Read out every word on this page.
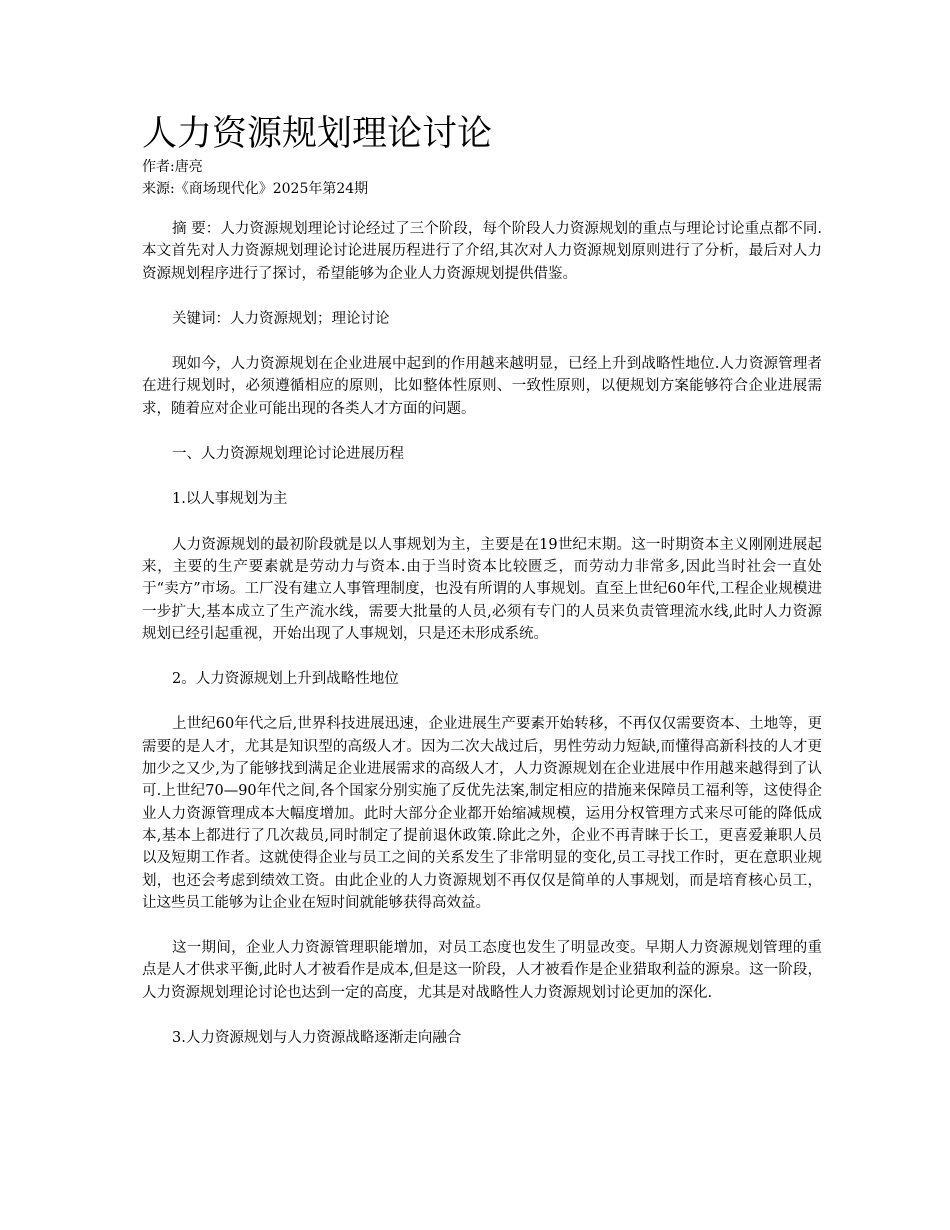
人力资源规划理论讨论

作者:唐亮

来源:《商场现代化》2025年第24期

摘 要：人力资源规划理论讨论经过了三个阶段，每个阶段人力资源规划的重点与理论讨论重点都不同.本文首先对人力资源规划理论讨论进展历程进行了介绍,其次对人力资源规划原则进行了分析，最后对人力资源规划程序进行了探讨，希望能够为企业人力资源规划提供借鉴。

关键词：人力资源规划；理论讨论

现如今，人力资源规划在企业进展中起到的作用越来越明显，已经上升到战略性地位.人力资源管理者在进行规划时，必须遵循相应的原则，比如整体性原则、一致性原则，以便规划方案能够符合企业进展需求，随着应对企业可能出现的各类人才方面的问题。

一、人力资源规划理论讨论进展历程

1.以人事规划为主

人力资源规划的最初阶段就是以人事规划为主，主要是在19世纪末期。这一时期资本主义刚刚进展起来，主要的生产要素就是劳动力与资本.由于当时资本比较匮乏，而劳动力非常多,因此当时社会一直处于“卖方”市场。工厂没有建立人事管理制度，也没有所谓的人事规划。直至上世纪60年代,工程企业规模进一步扩大,基本成立了生产流水线，需要大批量的人员,必须有专门的人员来负责管理流水线,此时人力资源规划已经引起重视，开始出现了人事规划，只是还未形成系统。

2。人力资源规划上升到战略性地位

上世纪60年代之后,世界科技进展迅速，企业进展生产要素开始转移，不再仅仅需要资本、土地等，更需要的是人才，尤其是知识型的高级人才。因为二次大战过后，男性劳动力短缺,而懂得高新科技的人才更加少之又少,为了能够找到满足企业进展需求的高级人才，人力资源规划在企业进展中作用越来越得到了认可.上世纪70—90年代之间,各个国家分别实施了反优先法案,制定相应的措施来保障员工福利等，这使得企业人力资源管理成本大幅度增加。此时大部分企业都开始缩减规模，运用分权管理方式来尽可能的降低成本,基本上都进行了几次裁员,同时制定了提前退休政策.除此之外，企业不再青睐于长工，更喜爱兼职人员以及短期工作者。这就使得企业与员工之间的关系发生了非常明显的变化,员工寻找工作时，更在意职业规划，也还会考虑到绩效工资。由此企业的人力资源规划不再仅仅是简单的人事规划，而是培育核心员工，让这些员工能够为让企业在短时间就能够获得高效益。

这一期间，企业人力资源管理职能增加，对员工态度也发生了明显改变。早期人力资源规划管理的重点是人才供求平衡,此时人才被看作是成本,但是这一阶段，人才被看作是企业猎取利益的源泉。这一阶段，人力资源规划理论讨论也达到一定的高度，尤其是对战略性人力资源规划讨论更加的深化.

3.人力资源规划与人力资源战略逐渐走向融合
